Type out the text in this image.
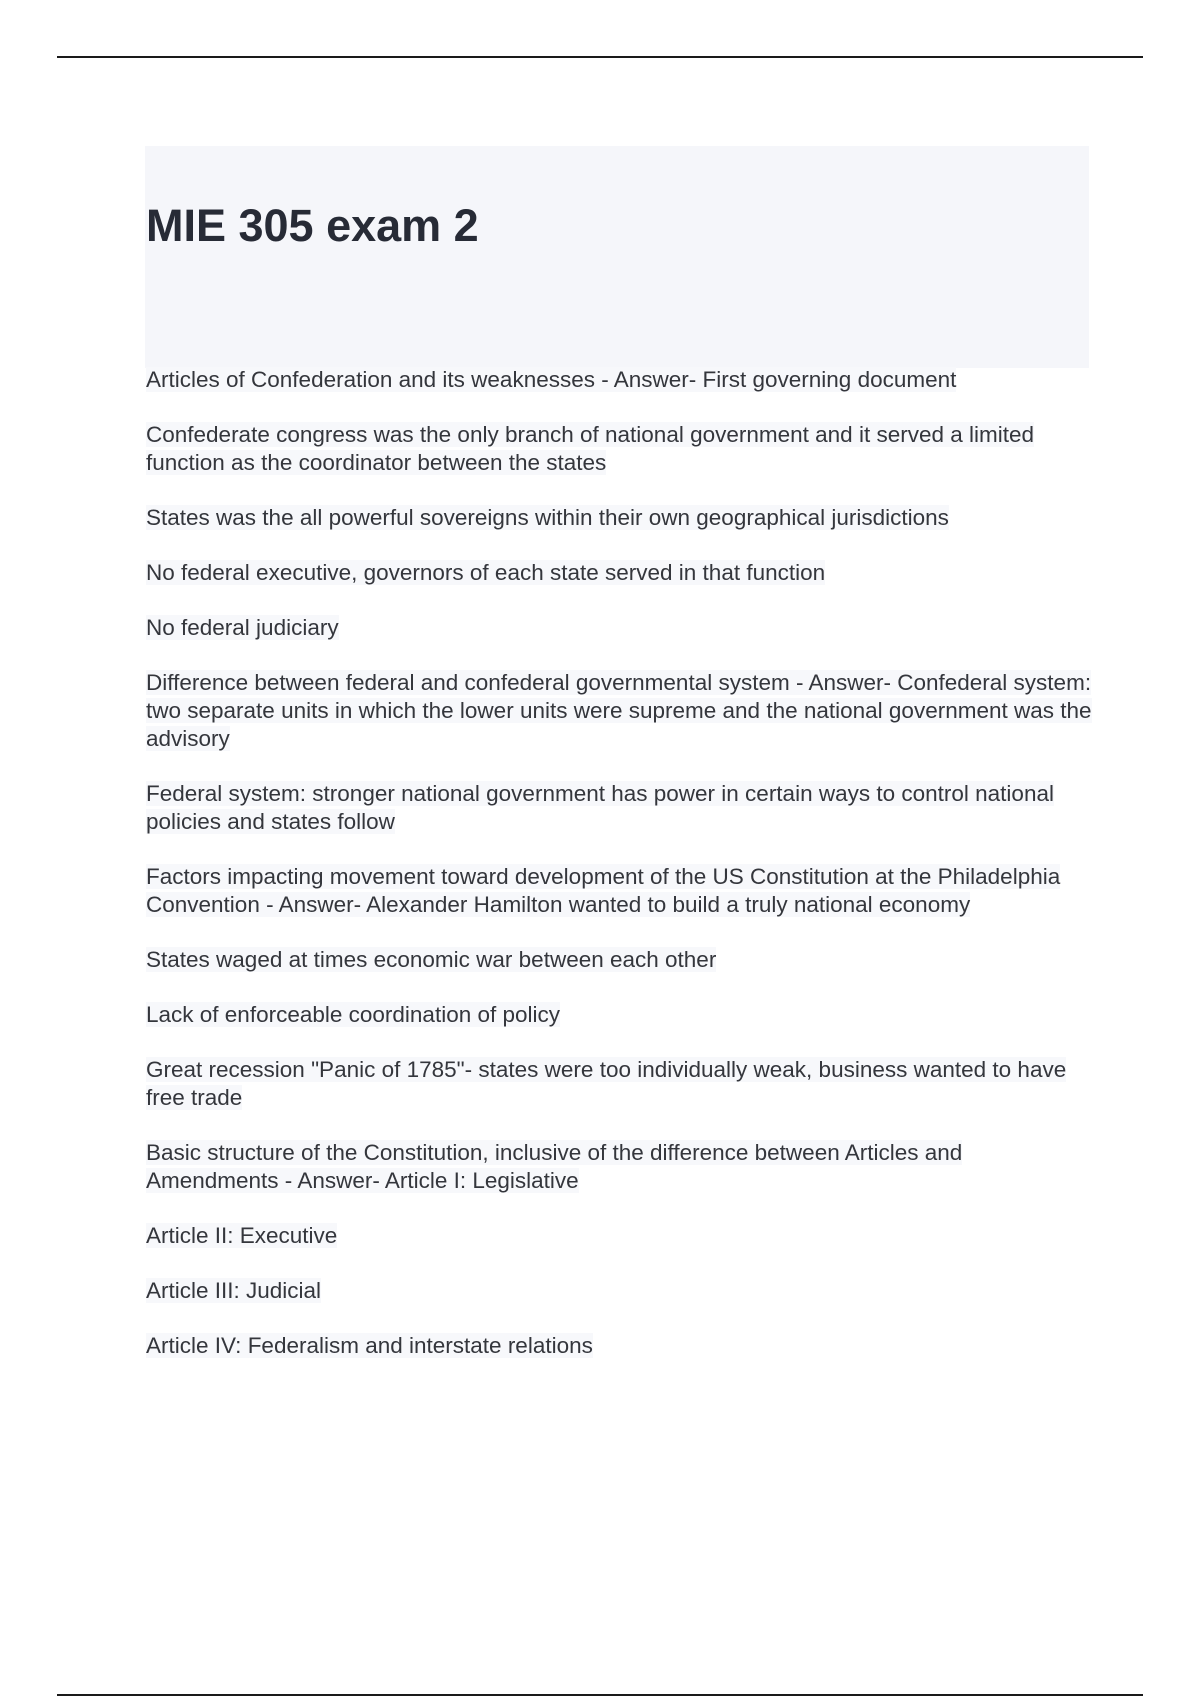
MIE 305 exam 2

Articles of Confederation and its weaknesses - Answer- First governing document

Confederate congress was the only branch of national government and it served a limited function as the coordinator between the states

States was the all powerful sovereigns within their own geographical jurisdictions

No federal executive, governors of each state served in that function

No federal judiciary

Difference between federal and confederal governmental system - Answer- Confederal system: two separate units in which the lower units were supreme and the national government was the advisory

Federal system: stronger national government has power in certain ways to control national policies and states follow

Factors impacting movement toward development of the US Constitution at the Philadelphia Convention - Answer- Alexander Hamilton wanted to build a truly national economy

States waged at times economic war between each other

Lack of enforceable coordination of policy

Great recession "Panic of 1785"- states were too individually weak, business wanted to have free trade

Basic structure of the Constitution, inclusive of the difference between Articles and Amendments - Answer- Article I: Legislative

Article II: Executive

Article III: Judicial

Article IV: Federalism and interstate relations
